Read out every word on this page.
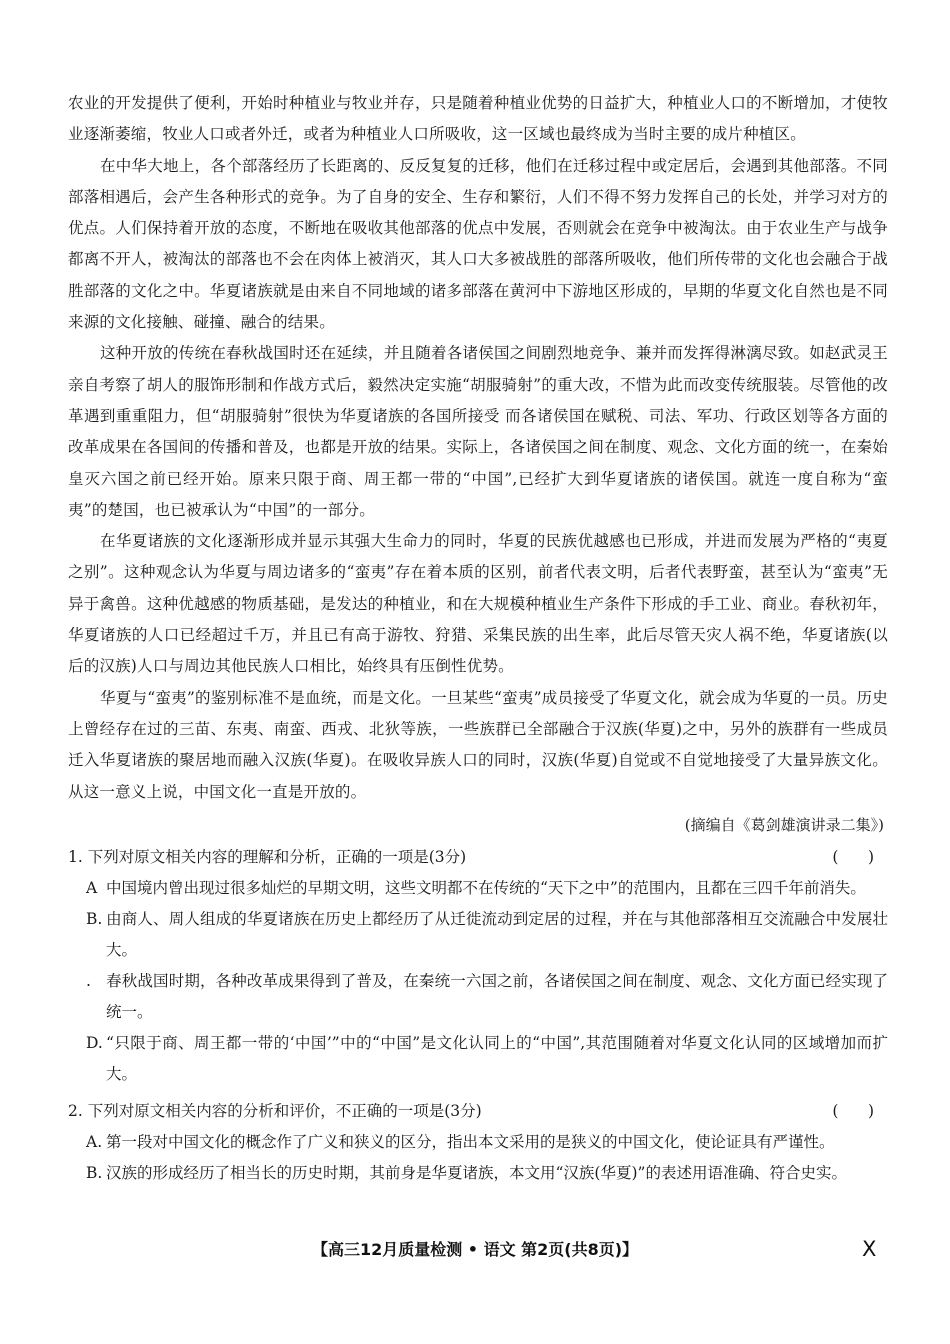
农业的开发提供了便利，开始时种植业与牧业并存，只是随着种植业优势的日益扩大，种植业人口的不断增加，才使牧业逐渐萎缩，牧业人口或者外迁，或者为种植业人口所吸收，这一区域也最终成为当时主要的成片种植区。

在中华大地上，各个部落经历了长距离的、反反复复的迁移，他们在迁移过程中或定居后，会遇到其他部落。不同部落相遇后，会产生各种形式的竞争。为了自身的安全、生存和繁衍，人们不得不努力发挥自己的长处，并学习对方的优点。人们保持着开放的态度，不断地在吸收其他部落的优点中发展，否则就会在竞争中被淘汰。由于农业生产与战争都离不开人，被淘汰的部落也不会在肉体上被消灭，其人口大多被战胜的部落所吸收，他们所传带的文化也会融合于战胜部落的文化之中。华夏诸族就是由来自不同地域的诸多部落在黄河中下游地区形成的，早期的华夏文化自然也是不同来源的文化接触、碰撞、融合的结果。

这种开放的传统在春秋战国时还在延续，并且随着各诸侯国之间剧烈地竞争、兼并而发挥得淋漓尽致。如赵武灵王亲自考察了胡人的服饰形制和作战方式后，毅然决定实施“胡服骑射”的重大改，不惜为此而改变传统服装。尽管他的改革遇到重重阻力，但“胡服骑射”很快为华夏诸族的各国所接受 而各诸侯国在赋税、司法、军功、行政区划等各方面的改革成果在各国间的传播和普及，也都是开放的结果。实际上，各诸侯国之间在制度、观念、文化方面的统一，在秦始皇灭六国之前已经开始。原来只限于商、周王都一带的“中国”,已经扩大到华夏诸族的诸侯国。就连一度自称为“蛮夷”的楚国，也已被承认为“中国”的一部分。

在华夏诸族的文化逐渐形成并显示其强大生命力的同时，华夏的民族优越感也已形成，并进而发展为严格的“夷夏之别”。这种观念认为华夏与周边诸多的“蛮夷”存在着本质的区别，前者代表文明，后者代表野蛮，甚至认为“蛮夷”无异于禽兽。这种优越感的物质基础，是发达的种植业，和在大规模种植业生产条件下形成的手工业、商业。春秋初年，华夏诸族的人口已经超过千万，并且已有高于游牧、狩猎、采集民族的出生率，此后尽管天灾人祸不绝，华夏诸族(以后的汉族)人口与周边其他民族人口相比，始终具有压倒性优势。

华夏与“蛮夷”的鉴别标准不是血统，而是文化。一旦某些“蛮夷”成员接受了华夏文化，就会成为华夏的一员。历史上曾经存在过的三苗、东夷、南蛮、西戎、北狄等族，一些族群已全部融合于汉族(华夏)之中，另外的族群有一些成员迁入华夏诸族的聚居地而融入汉族(华夏)。在吸收异族人口的同时，汉族(华夏)自觉或不自觉地接受了大量异族文化。从这一意义上说，中国文化一直是开放的。

(摘编自《葛剑雄演讲录二集》)

1. 下列对原文相关内容的理解和分析，正确的一项是(3分)	(      )

A 中国境内曾出现过很多灿烂的早期文明，这些文明都不在传统的“天下之中”的范围内，且都在三四千年前消失。

B. 由商人、周人组成的华夏诸族在历史上都经历了从迁徙流动到定居的过程，并在与其他部落相互交流融合中发展壮大。

. 春秋战国时期，各种改革成果得到了普及，在秦统一六国之前，各诸侯国之间在制度、观念、文化方面已经实现了统一。

D. “只限于商、周王都一带的‘中国’”中的“中国”是文化认同上的“中国”,其范围随着对华夏文化认同的区域增加而扩大。

2. 下列对原文相关内容的分析和评价，不正确的一项是(3分)	(      )

A. 第一段对中国文化的概念作了广义和狭义的区分，指出本文采用的是狭义的中国文化，使论证具有严谨性。

B. 汉族的形成经历了相当长的历史时期，其前身是华夏诸族，本文用“汉族(华夏)”的表述用语准确、符合史实。

【高三12月质量检测 • 语文 第2页(共8页)】	X
